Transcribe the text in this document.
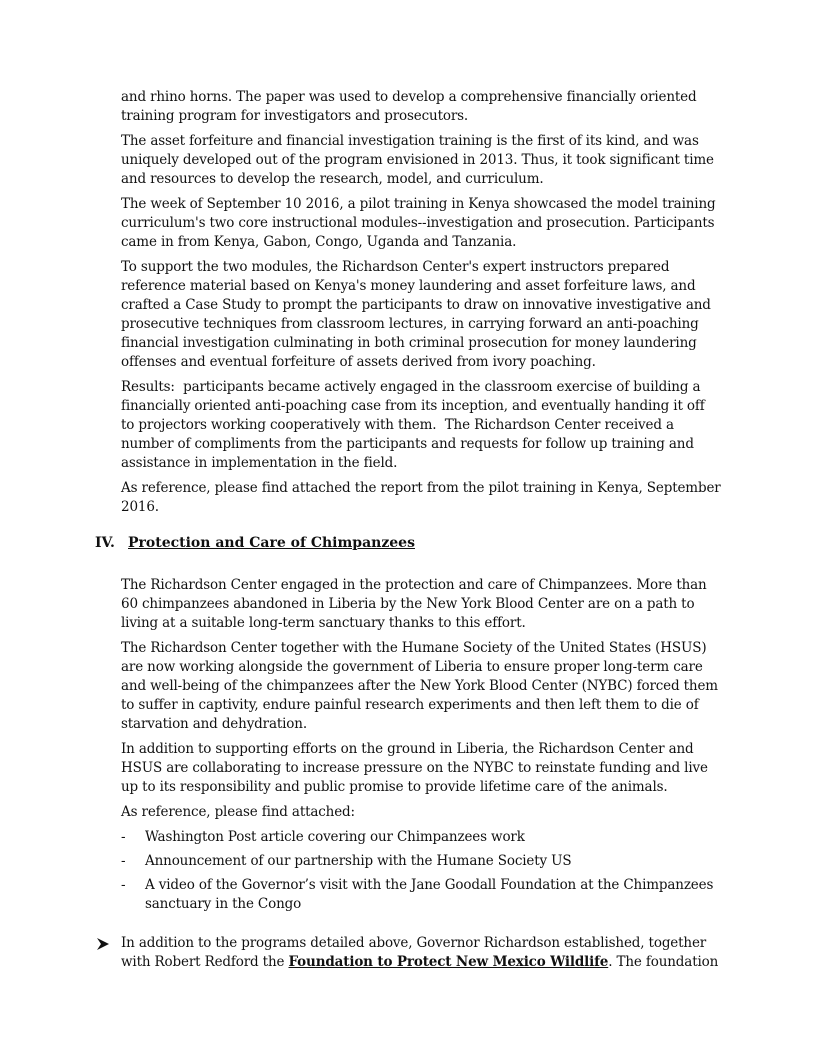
and rhino horns. The paper was used to develop a comprehensive financially oriented training program for investigators and prosecutors.

The asset forfeiture and financial investigation training is the first of its kind, and was uniquely developed out of the program envisioned in 2013. Thus, it took significant time and resources to develop the research, model, and curriculum.

The week of September 10 2016, a pilot training in Kenya showcased the model training curriculum's two core instructional modules--investigation and prosecution. Participants came in from Kenya, Gabon, Congo, Uganda and Tanzania.

To support the two modules, the Richardson Center's expert instructors prepared reference material based on Kenya's money laundering and asset forfeiture laws, and crafted a Case Study to prompt the participants to draw on innovative investigative and prosecutive techniques from classroom lectures, in carrying forward an anti-poaching financial investigation culminating in both criminal prosecution for money laundering offenses and eventual forfeiture of assets derived from ivory poaching.

Results:  participants became actively engaged in the classroom exercise of building a financially oriented anti-poaching case from its inception, and eventually handing it off to projectors working cooperatively with them.  The Richardson Center received a number of compliments from the participants and requests for follow up training and assistance in implementation in the field.

As reference, please find attached the report from the pilot training in Kenya, September 2016.

IV. Protection and Care of Chimpanzees

The Richardson Center engaged in the protection and care of Chimpanzees. More than 60 chimpanzees abandoned in Liberia by the New York Blood Center are on a path to living at a suitable long-term sanctuary thanks to this effort.

The Richardson Center together with the Humane Society of the United States (HSUS) are now working alongside the government of Liberia to ensure proper long-term care and well-being of the chimpanzees after the New York Blood Center (NYBC) forced them to suffer in captivity, endure painful research experiments and then left them to die of starvation and dehydration.

In addition to supporting efforts on the ground in Liberia, the Richardson Center and HSUS are collaborating to increase pressure on the NYBC to reinstate funding and live up to its responsibility and public promise to provide lifetime care of the animals.

As reference, please find attached:

- Washington Post article covering our Chimpanzees work
- Announcement of our partnership with the Humane Society US
- A video of the Governor’s visit with the Jane Goodall Foundation at the Chimpanzees sanctuary in the Congo
In addition to the programs detailed above, Governor Richardson established, together with Robert Redford the Foundation to Protect New Mexico Wildlife. The foundation
